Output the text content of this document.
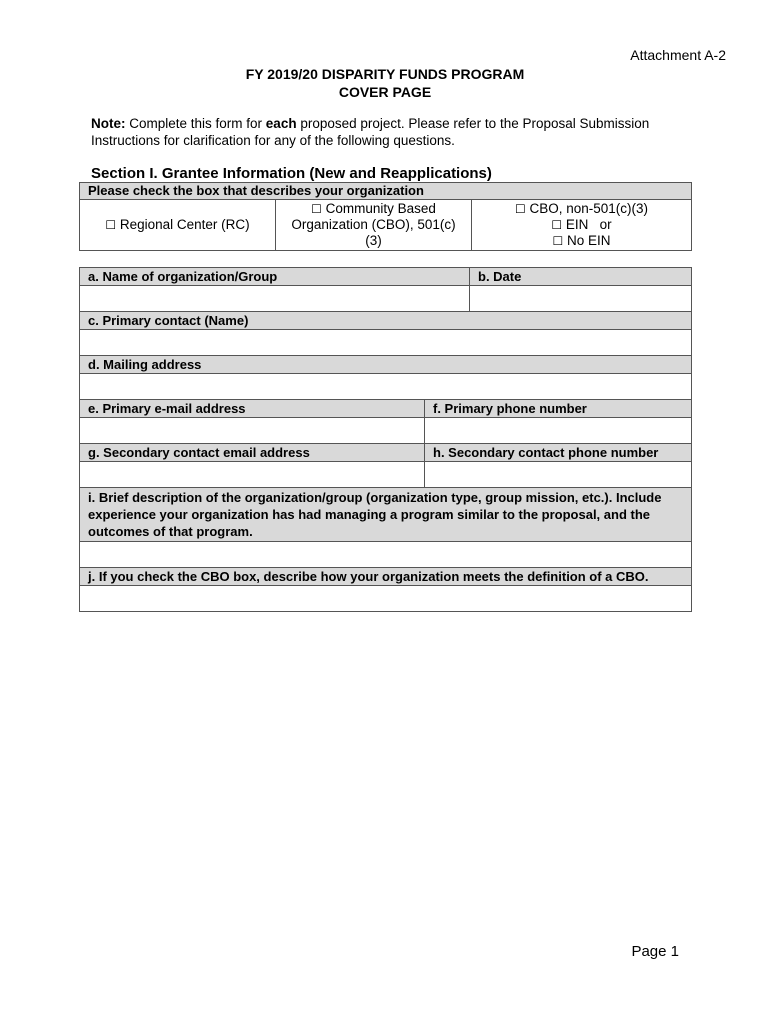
Attachment A-2
FY 2019/20 DISPARITY FUNDS PROGRAM
COVER PAGE
Note: Complete this form for each proposed project. Please refer to the Proposal Submission Instructions for clarification for any of the following questions.
Section I. Grantee Information (New and Reapplications)
Please check the box that describes your organization
☐ Regional Center (RC)	
☐ Community Based
Organization (CBO), 501(c)
(3)

☐ CBO, non-501(c)(3)
☐ EIN   or
☐ No EIN
a. Name of organization/Group		b. Date

c. Primary contact (Name)		

d. Mailing address		

e. Primary e-mail address	f. Primary phone number	

g. Secondary contact email address	h. Secondary contact phone number	

i. Brief description of the organization/group (organization type, group mission, etc.). Include experience your organization has had managing a program similar to the proposal, and the outcomes of that program.		

j. If you check the CBO box, describe how your organization meets the definition of a CBO.		

Page 1
